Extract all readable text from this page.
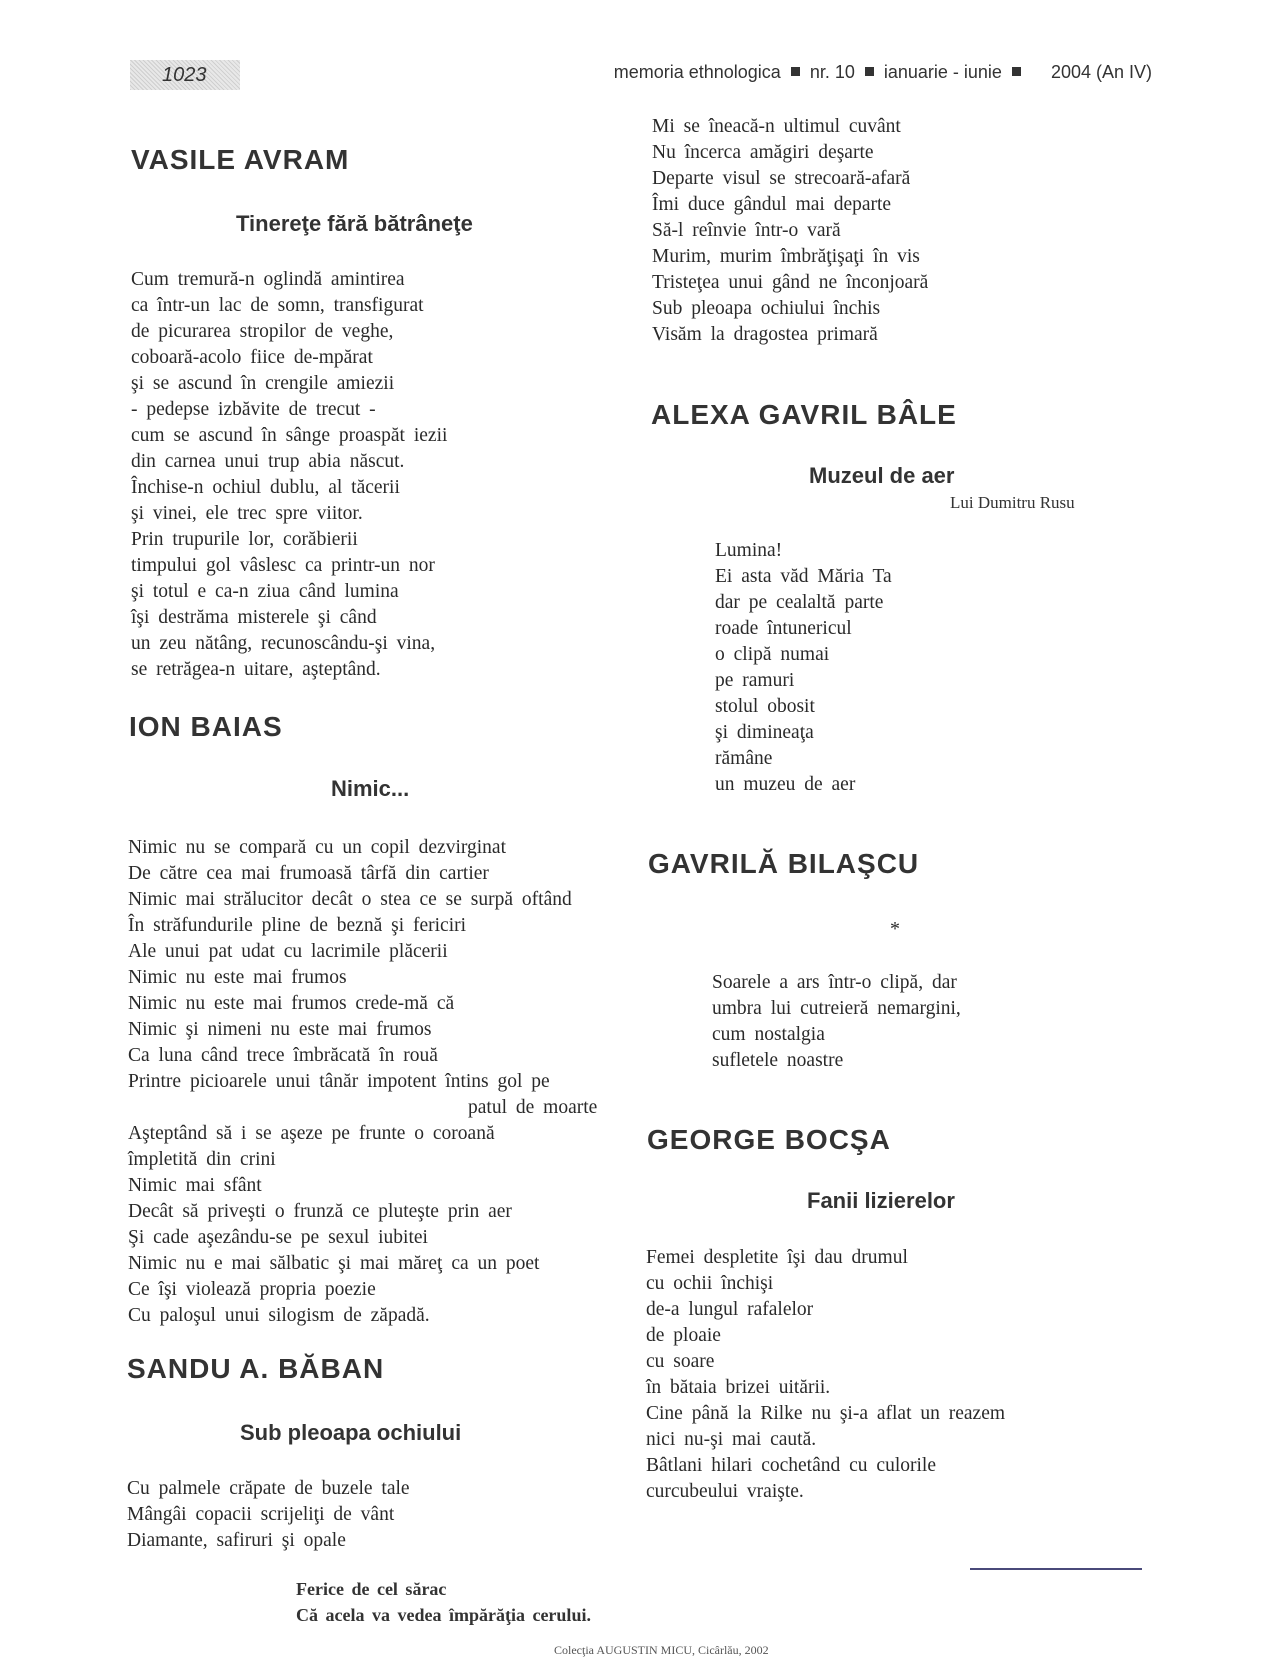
1023	memoria ethnologica nr. 10 ianuarie - iunie	2004 (An IV)
VASILE AVRAM
Tinereţe fără bătrâneţe
Cum tremură-n oglindă amintirea
ca într-un lac de somn, transfigurat
de picurarea stropilor de veghe,
coboară-acolo fiice de-mpărat
şi se ascund în crengile amiezii
- pedepse izbăvite de trecut -
cum se ascund în sânge proaspăt iezii
din carnea unui trup abia născut.
Închise-n ochiul dublu, al tăcerii
şi vinei, ele trec spre viitor.
Prin trupurile lor, corăbierii
timpului gol vâslesc ca printr-un nor
şi totul e ca-n ziua când lumina
îşi destrăma misterele şi când
un zeu nătâng, recunoscându-şi vina,
se retrăgea-n uitare, aşteptând.
ION BAIAS
Nimic...
Nimic nu se compară cu un copil dezvirginat
De către cea mai frumoasă târfă din cartier
Nimic mai strălucitor decât o stea ce se surpă oftând
În străfundurile pline de beznă şi fericiri
Ale unui pat udat cu lacrimile plăcerii
Nimic nu este mai frumos
Nimic nu este mai frumos crede-mă că
Nimic şi nimeni nu este mai frumos
Ca luna când trece îmbrăcată în rouă
Printre picioarele unui tânăr impotent întins gol pe
patul de moarte
Aşteptând să i se aşeze pe frunte o coroană
împletită din crini
Nimic mai sfânt
Decât să priveşti o frunză ce pluteşte prin aer
Şi cade aşezându-se pe sexul iubitei
Nimic nu e mai sălbatic şi mai măreţ ca un poet
Ce îşi violează propria poezie
Cu paloşul unui silogism de zăpadă.
SANDU A. BĂBAN
Sub pleoapa ochiului
Cu palmele crăpate de buzele tale
Mângâi copacii scrijeliţi de vânt
Diamante, safiruri şi opale
Mi se îneacă-n ultimul cuvânt
Nu încerca amăgiri deşarte
Departe visul se strecoară-afară
Îmi duce gândul mai departe
Să-l reînvie într-o vară
Murim, murim îmbrăţişaţi în vis
Tristeţea unui gând ne înconjoară
Sub pleoapa ochiului închis
Visăm la dragostea primară
ALEXA GAVRIL BÂLE
Muzeul de aer
Lui Dumitru Rusu
Lumina!
Ei asta văd Măria Ta
dar pe cealaltă parte
roade întunericul
o clipă numai
pe ramuri
stolul obosit
şi dimineaţa
rămâne
un muzeu de aer
GAVRILĂ BILAŞCU
*
Soarele a ars într-o clipă, dar
umbra lui cutreieră nemargini,
cum nostalgia
sufletele noastre
GEORGE BOCŞA
Fanii lizierelor
Femei despletite îşi dau drumul
cu ochii închişi
de-a lungul rafalelor
de ploaie
cu soare
în bătaia brizei uitării.
Cine până la Rilke nu şi-a aflat un reazem
nici nu-şi mai caută.
Bâtlani hilari cochetând cu culorile
curcubeului vraişte.
Ferice de cel sărac
Că acela va vedea împărăţia cerului.
Colecţia AUGUSTIN MICU, Cicârlău, 2002
